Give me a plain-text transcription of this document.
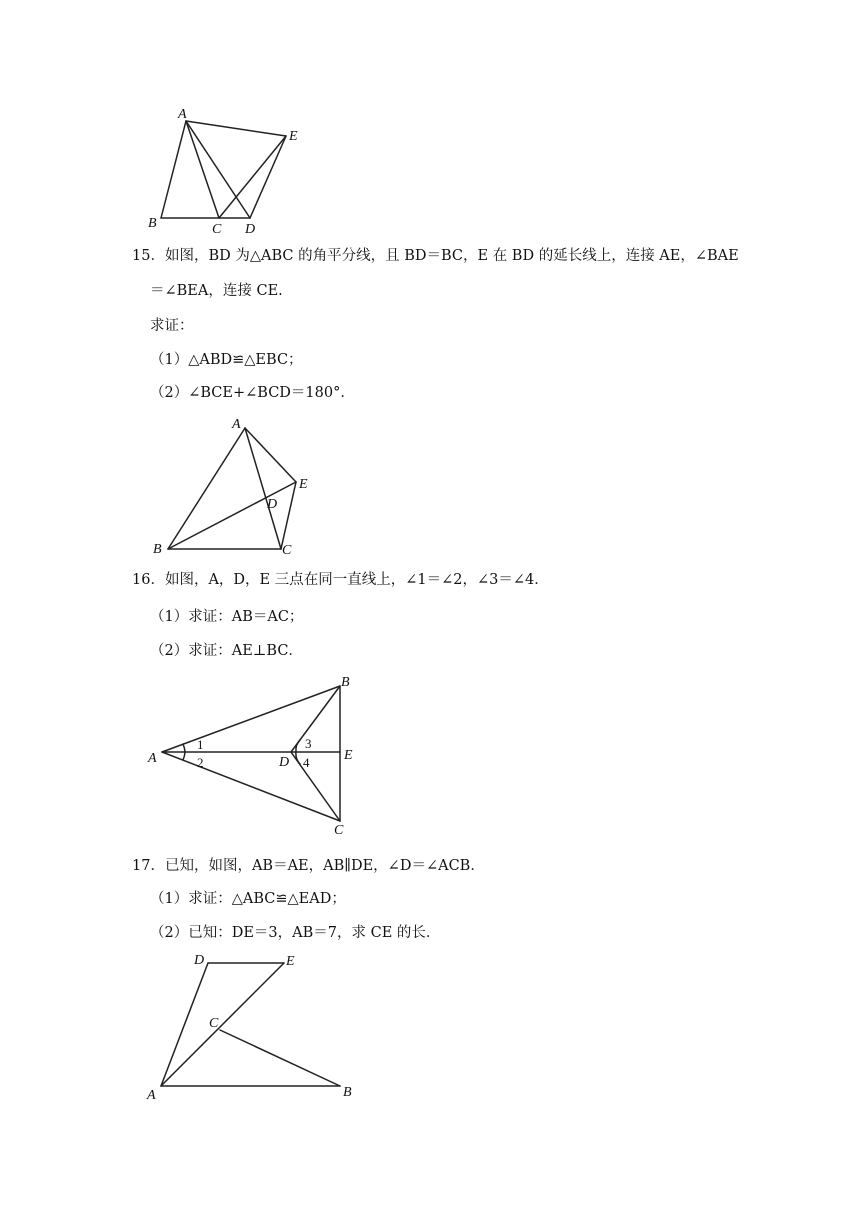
A
B	C D
E
15．如图，BD 为△ABC 的角平分线，且 BD＝BC，E 在 BD 的延长线上，连接 AE，∠BAE
＝∠BEA，连接 CE.
求证：
（1）△ABD≌△EBC；
（2）∠BCE+∠BCD＝180°．
A
B	C
D
E
16．如图，A，D，E 三点在同一直线上，∠1＝∠2，∠3＝∠4．
（1）求证：AB＝AC；
（2）求证：AE⊥BC．
A
B
C
D	E
1
2
3
4
17．已知，如图，AB＝AE，AB∥DE，∠D＝∠ACB．
（1）求证：△ABC≌△EAD；
（2）已知：DE＝3，AB＝7，求 CE 的长．
A	B
C
D	E
